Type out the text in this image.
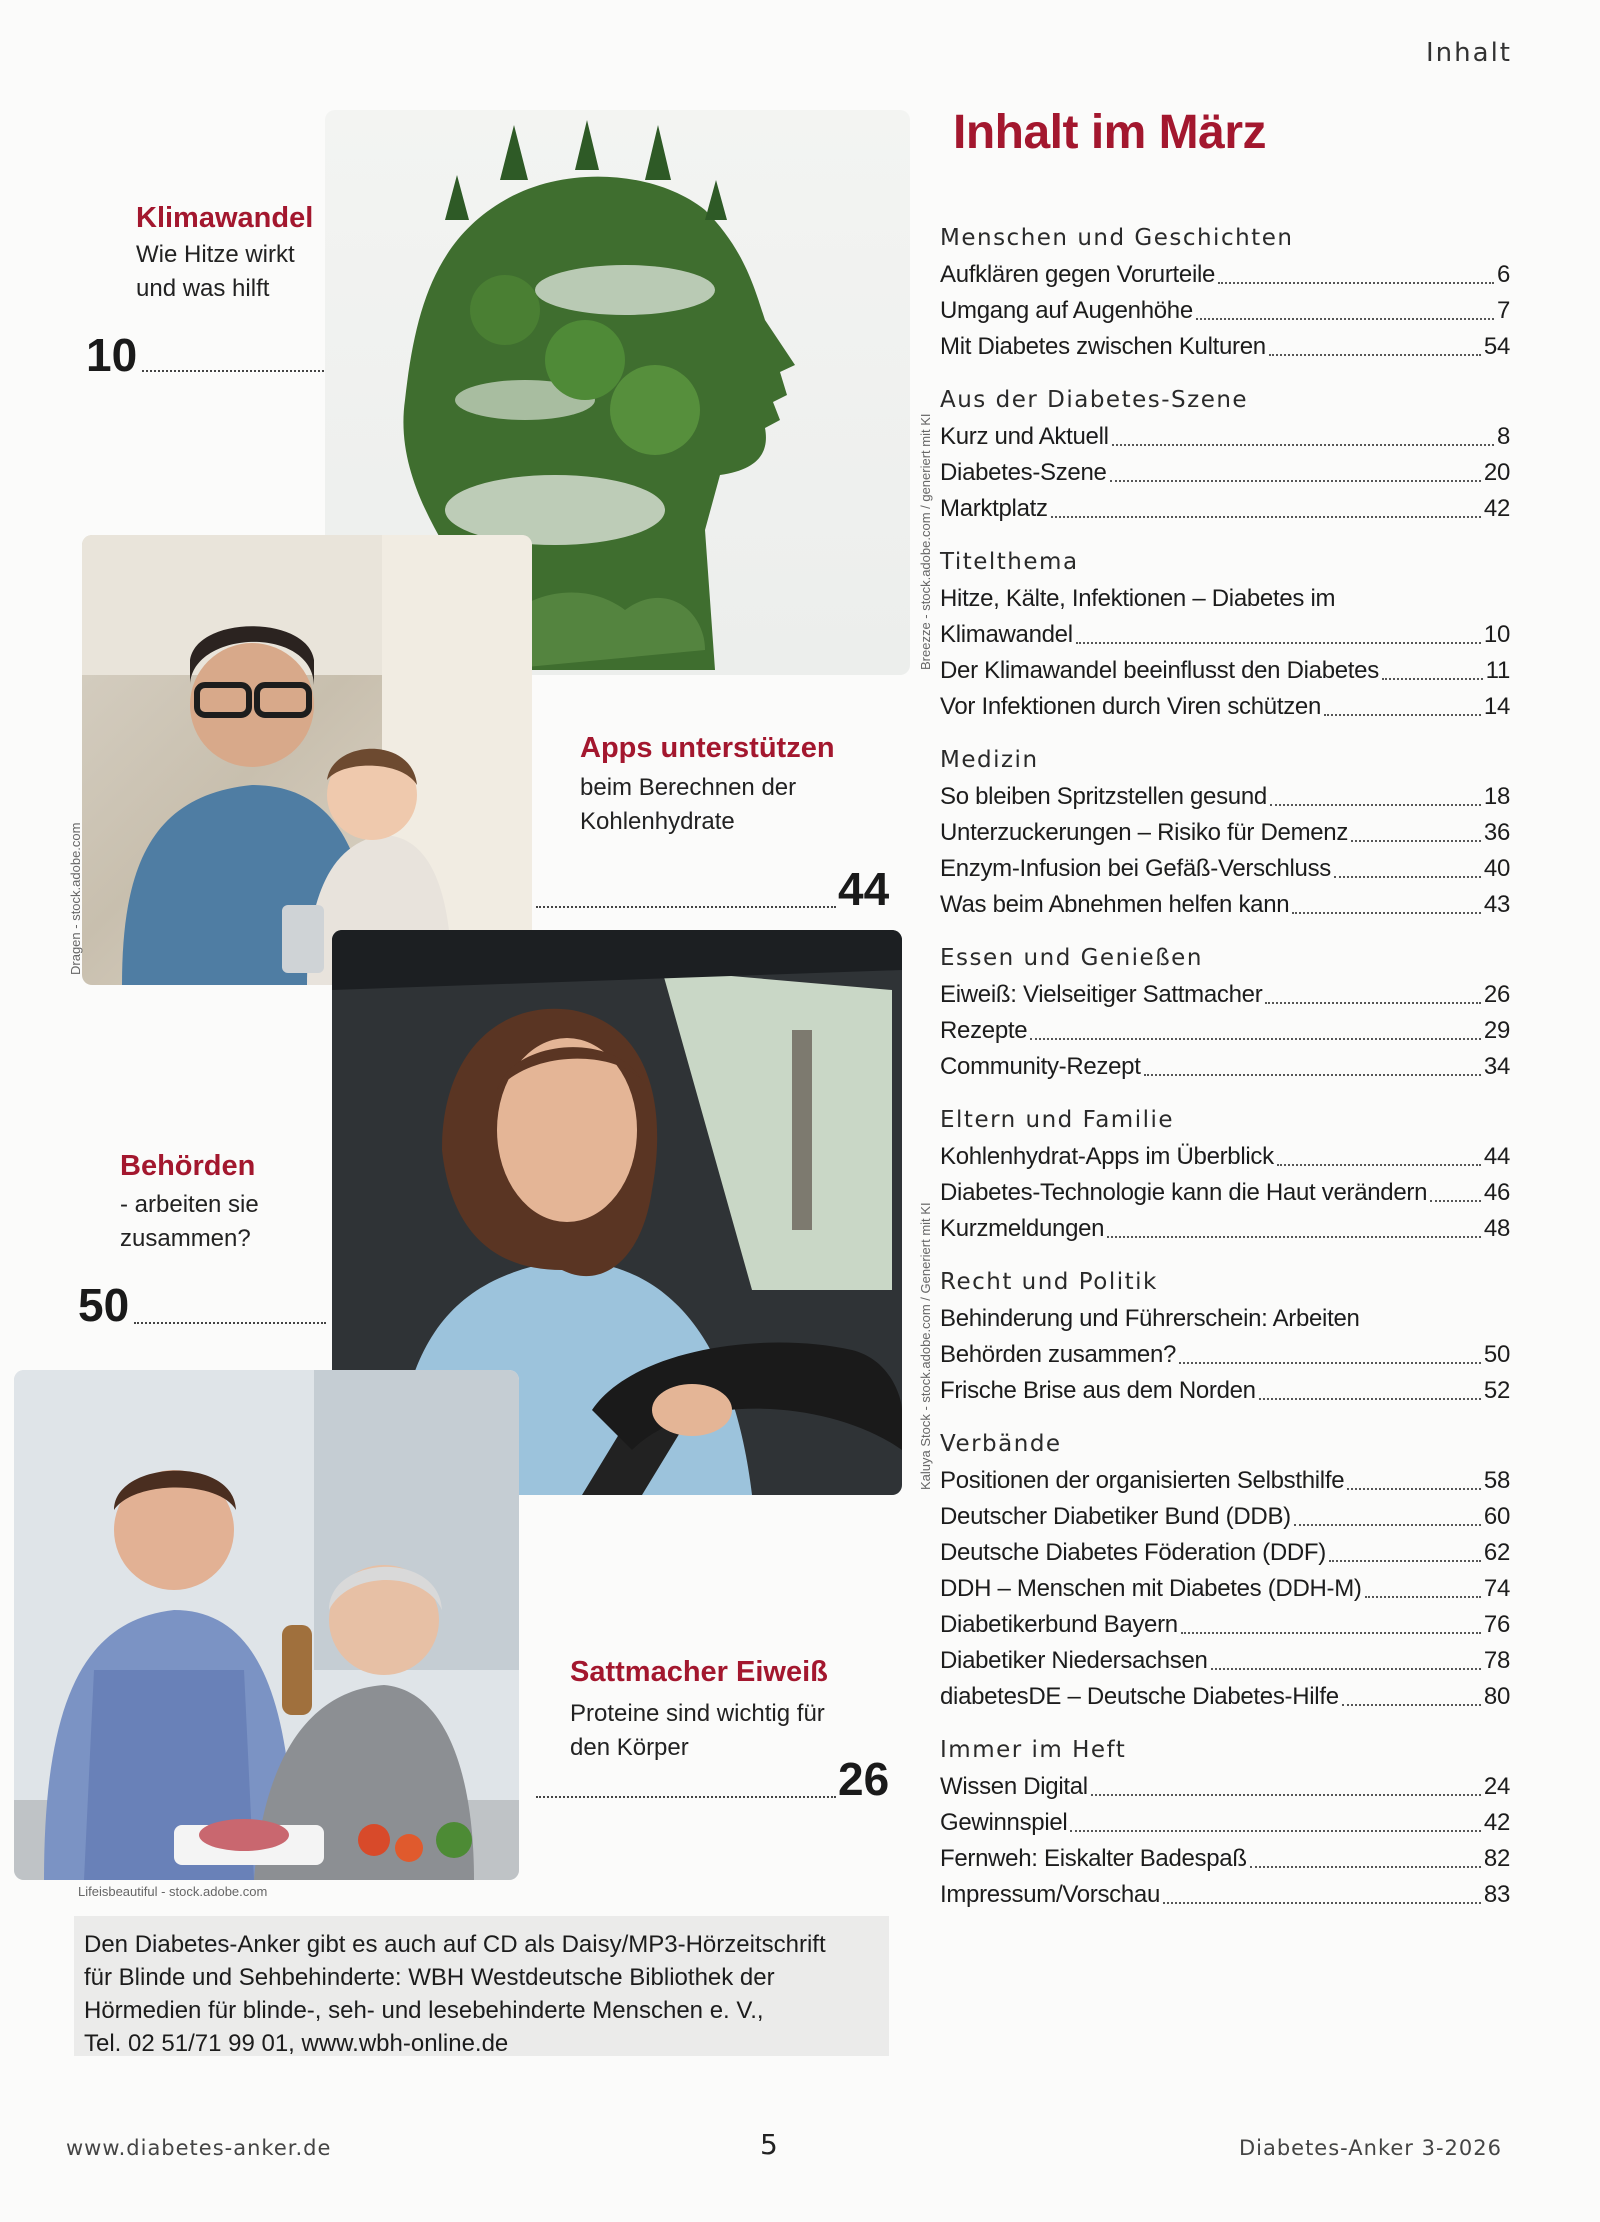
Inhalt
Breezze - stock.adobe.com / generiert mit KI
Dragen - stock.adobe.com
Kaluya Stock - stock.adobe.com / Generiert mit KI
Lifeisbeautiful - stock.adobe.com
Klimawandel
Wie Hitze wirkt
und was hilft
10
Apps unterstützen
beim Berechnen der
Kohlenhydrate
44
Behörden
- arbeiten sie
zusammen?
50
Sattmacher Eiweiß
Proteine sind wichtig für
den Körper
26

Den Diabetes-Anker gibt es auch auf CD als Daisy/MP3-Hörzeitschrift

für Blinde und Sehbehinderte: WBH Westdeutsche Bibliothek der

Hörmedien für blinde-, seh- und lesebehinderte Menschen e. V.,

Tel. 02 51/71 99 01, www.wbh-online.de

Inhalt im März
Menschen und Geschichten
Aufklären gegen Vorurteile	6
Umgang auf Augenhöhe	7
Mit Diabetes zwischen Kulturen	54
Aus der Diabetes-Szene
Kurz und Aktuell	8
Diabetes-Szene	20
Marktplatz	42
Titelthema
Hitze, Kälte, Infektionen – Diabetes im
Klimawandel	10
Der Klimawandel beeinflusst den Diabetes	11
Vor Infektionen durch Viren schützen	14
Medizin
So bleiben Spritzstellen gesund	18
Unterzuckerungen – Risiko für Demenz	36
Enzym-Infusion bei Gefäß-Verschluss	40
Was beim Abnehmen helfen kann	43
Essen und Genießen
Eiweiß: Vielseitiger Sattmacher	26
Rezepte	29
Community-Rezept	34
Eltern und Familie
Kohlenhydrat-Apps im Überblick	44
Diabetes-Technologie kann die Haut verändern 46
Kurzmeldungen	48
Recht und Politik
Behinderung und Führerschein: Arbeiten
Behörden zusammen?	50
Frische Brise aus dem Norden	52
Verbände
Positionen der organisierten Selbsthilfe	58
Deutscher Diabetiker Bund (DDB)	60
Deutsche Diabetes Föderation (DDF)	62
DDH – Menschen mit Diabetes (DDH-M)	74
Diabetikerbund Bayern	76
Diabetiker Niedersachsen	78
diabetesDE – Deutsche Diabetes-Hilfe	80
Immer im Heft
Wissen Digital	24
Gewinnspiel	42
Fernweh: Eiskalter Badespaß	82
Impressum/Vorschau	83
www.diabetes-anker.de	5	Diabetes-Anker 3-2026
